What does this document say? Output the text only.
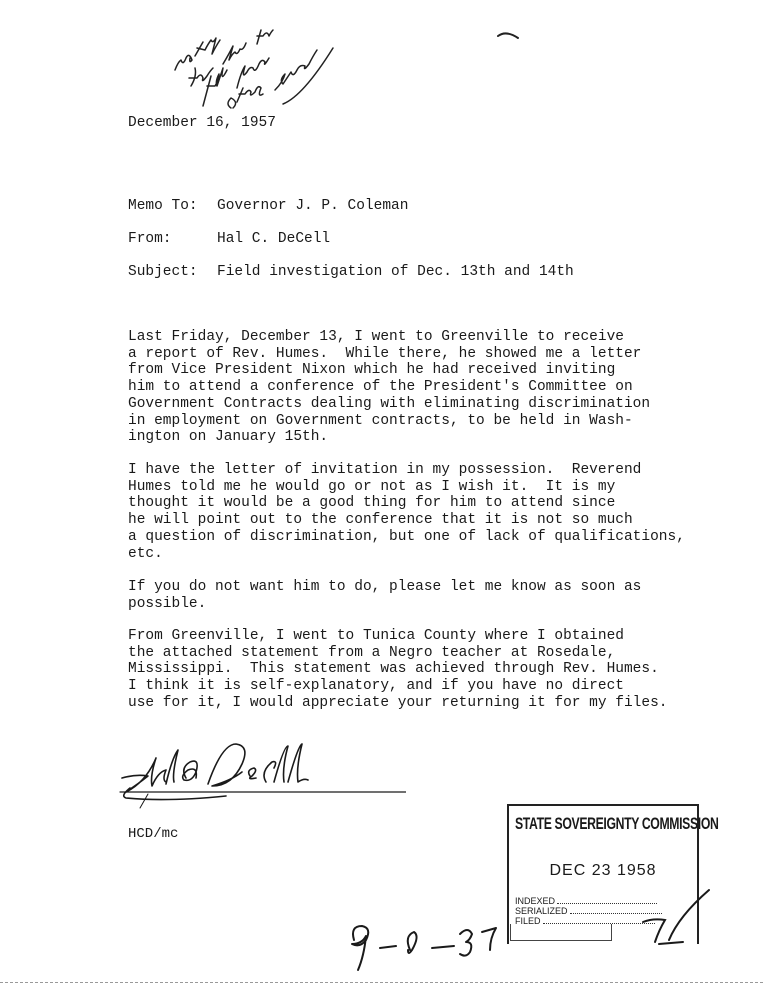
December 16, 1957
Memo To: Governor J. P. Coleman
From:	Hal C. DeCell
Subject: Field investigation of Dec. 13th and 14th
Last Friday, December 13, I went to Greenville to receive
a report of Rev. Humes.  While there, he showed me a letter
from Vice President Nixon which he had received inviting
him to attend a conference of the President's Committee on
Government Contracts dealing with eliminating discrimination
in employment on Government contracts, to be held in Wash-
ington on January 15th.
I have the letter of invitation in my possession.  Reverend
Humes told me he would go or not as I wish it.  It is my
thought it would be a good thing for him to attend since
he will point out to the conference that it is not so much
a question of discrimination, but one of lack of qualifications,
etc.
If you do not want him to do, please let me know as soon as
possible.
From Greenville, I went to Tunica County where I obtained
the attached statement from a Negro teacher at Rosedale,
Mississippi.  This statement was achieved through Rev. Humes.
I think it is self-explanatory, and if you have no direct
use for it, I would appreciate your returning it for my files.
HCD/mc
STATE SOVEREIGNTY COMMISSION
DEC 23 1958
INDEXED
SERIALIZED
FILED
